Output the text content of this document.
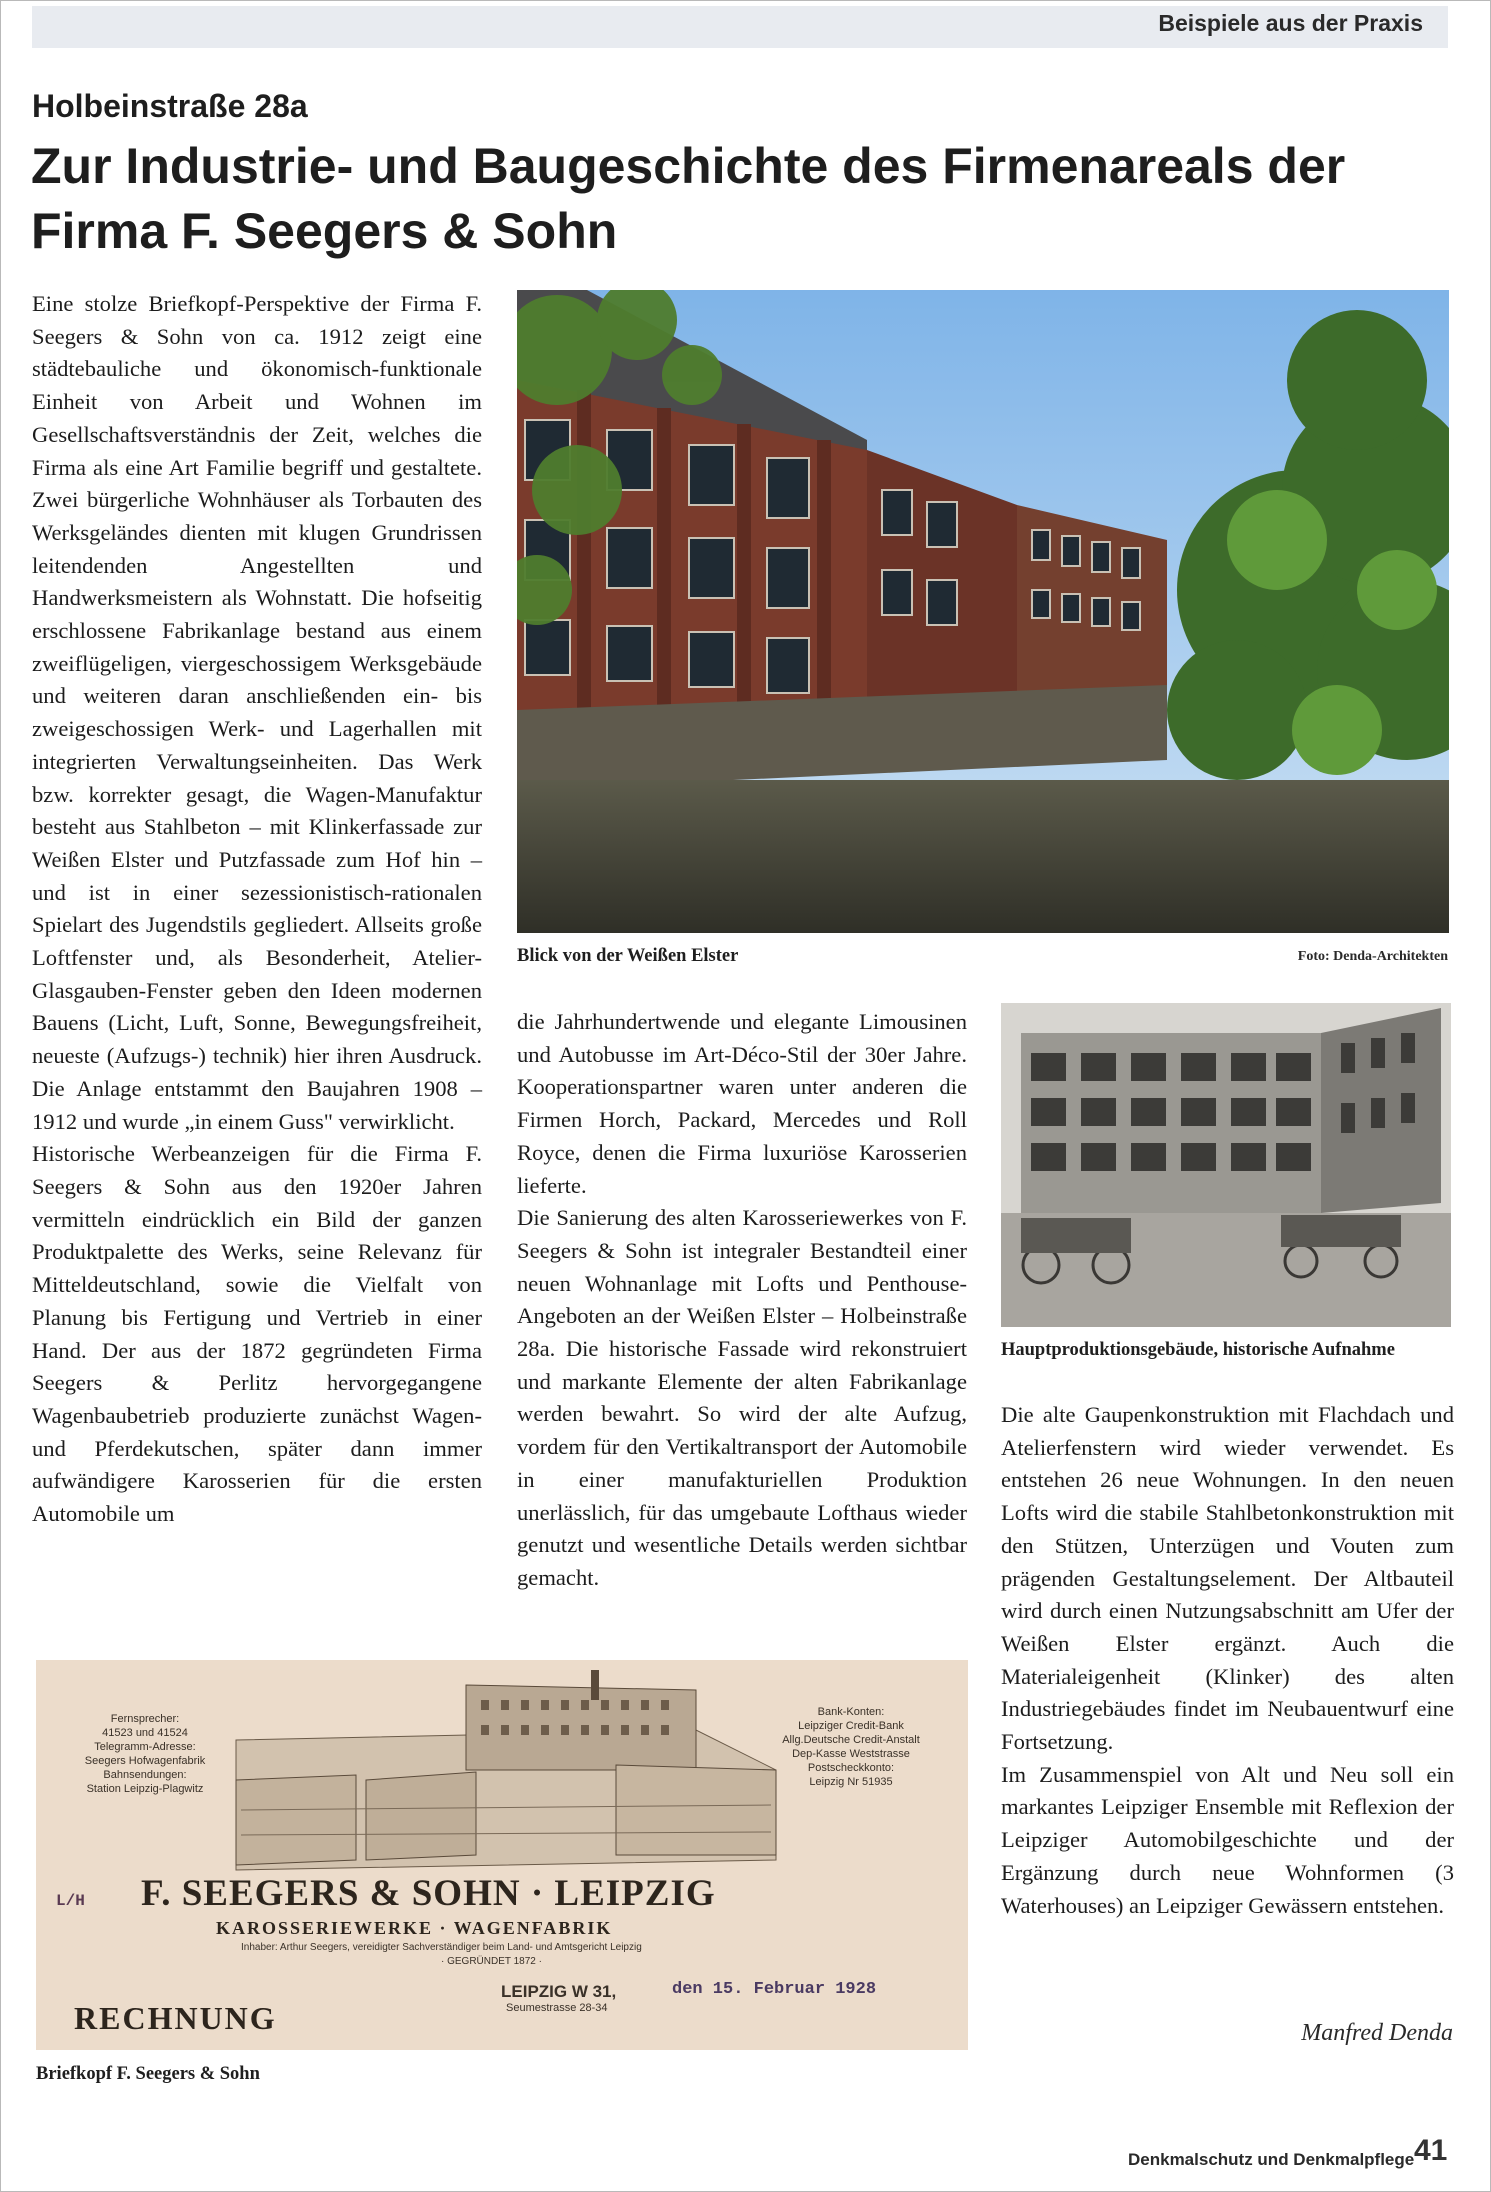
Beispiele aus der Praxis
Holbeinstraße 28a
Zur Industrie- und Baugeschichte des Firmenareals der Firma F. Seegers & Sohn

Eine stolze Briefkopf-Perspektive der Firma F. Seegers & Sohn von ca. 1912 zeigt eine städtebauliche und ökonomisch-funktionale Einheit von Arbeit und Wohnen im Gesellschaftsverständnis der Zeit, welches die Firma als eine Art Familie begriff und gestaltete. Zwei bürgerliche Wohnhäuser als Torbauten des Werksgeländes dienten mit klugen Grundrissen leitendenden Angestellten und Handwerksmeistern als Wohnstatt. Die hofseitig erschlossene Fabrikanlage bestand aus einem zweiflügeligen, viergeschossigem Werksgebäude und weiteren daran anschließenden ein- bis zweigeschossigen Werk- und Lagerhallen mit integrierten Verwaltungseinheiten. Das Werk bzw. korrekter gesagt, die Wagen-Manufaktur besteht aus Stahlbeton – mit Klinkerfassade zur Weißen Elster und Putzfassade zum Hof hin – und ist in einer sezessionistisch-rationalen Spielart des Jugendstils gegliedert. Allseits große Loftfenster und, als Besonderheit, Atelier-Glasgauben-Fenster geben den Ideen modernen Bauens (Licht, Luft, Sonne, Bewegungsfreiheit, neueste (Aufzugs-) technik) hier ihren Ausdruck. Die Anlage entstammt den Baujahren 1908 – 1912 und wurde „in einem Guss" verwirklicht.

Historische Werbeanzeigen für die Firma F. Seegers & Sohn aus den 1920er Jahren vermitteln eindrücklich ein Bild der ganzen Produktpalette des Werks, seine Relevanz für Mitteldeutschland, sowie die Vielfalt von Planung bis Fertigung und Vertrieb in einer Hand. Der aus der 1872 gegründeten Firma Seegers & Perlitz hervorgegangene Wagenbaubetrieb produzierte zunächst Wagen- und Pferdekutschen, später dann immer aufwändigere Karosserien für die ersten Automobile um

Blick von der Weißen Elster	Foto: Denda-Architekten

die Jahrhundertwende und elegante Limousinen und Autobusse im Art-Déco-Stil der 30er Jahre. Kooperationspartner waren unter anderen die Firmen Horch, Packard, Mercedes und Roll Royce, denen die Firma luxuriöse Karosserien lieferte.

Die Sanierung des alten Karosseriewerkes von F. Seegers & Sohn ist integraler Bestandteil einer neuen Wohnanlage mit Lofts und Penthouse-Angeboten an der Weißen Elster – Holbeinstraße 28a. Die historische Fassade wird rekonstruiert und markante Elemente der alten Fabrikanlage werden bewahrt. So wird der alte Aufzug, vordem für den Vertikaltransport der Automobile in einer manufakturiellen Produktion unerlässlich, für das umgebaute Lofthaus wieder genutzt und wesentliche Details werden sichtbar gemacht.

Hauptproduktionsgebäude, historische Aufnahme

Die alte Gaupenkonstruktion mit Flachdach und Atelierfenstern wird wieder verwendet. Es entstehen 26 neue Wohnungen. In den neuen Lofts wird die stabile Stahlbetonkonstruktion mit den Stützen, Unterzügen und Vouten zum prägenden Gestaltungselement. Der Altbauteil wird durch einen Nutzungsabschnitt am Ufer der Weißen Elster ergänzt. Auch die Materialeigenheit (Klinker) des alten Industriegebäudes findet im Neubauentwurf eine Fortsetzung.

Im Zusammenspiel von Alt und Neu soll ein markantes Leipziger Ensemble mit Reflexion der Leipziger Automobilgeschichte und der Ergänzung durch neue Wohnformen (3 Waterhouses) an Leipziger Gewässern entstehen.

Manfred Denda
Fernsprecher:
41523 und 41524
Telegramm-Adresse:
Seegers Hofwagenfabrik
Bahnsendungen:
Station Leipzig-Plagwitz
Bank-Konten:
Leipziger Credit-Bank
Allg.Deutsche Credit-Anstalt
Dep-Kasse Weststrasse
Postscheckkonto:
Leipzig Nr 51935
L/H F. SEEGERS & SOHN · LEIPZIG
KAROSSERIEWERKE · WAGENFABRIK
Inhaber: Arthur Seegers, vereidigter Sachverständiger beim Land- und Amtsgericht Leipzig
· GEGRÜNDET 1872 ·
LEIPZIG W 31,
Seumestrasse 28-34
den 15. Februar 1928
RECHNUNG
Briefkopf F. Seegers & Sohn
Denkmalschutz und Denkmalpflege 41
